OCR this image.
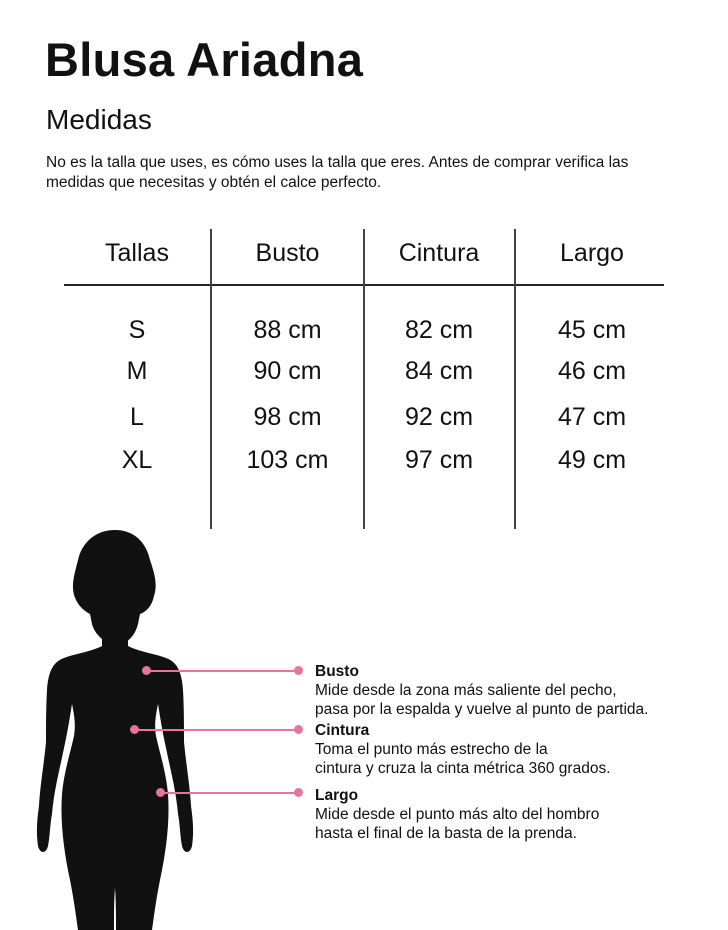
Blusa Ariadna
Medidas
No es la talla que uses, es cómo uses la talla que eres. Antes de comprar verifica las medidas que necesitas y obtén el calce perfecto.
Tallas	Busto	Cintura	Largo
S	88 cm	82 cm	45 cm
M	90 cm	84 cm	46 cm
L	98 cm	92 cm	47 cm
XL	103 cm	97 cm	49 cm
Busto
Mide desde la zona más saliente del pecho,
pasa por la espalda y vuelve al punto de partida.
Cintura
Toma el punto más estrecho de la
cintura y cruza la cinta métrica 360 grados.
Largo
Mide desde el punto más alto del hombro
hasta el final de la basta de la prenda.
